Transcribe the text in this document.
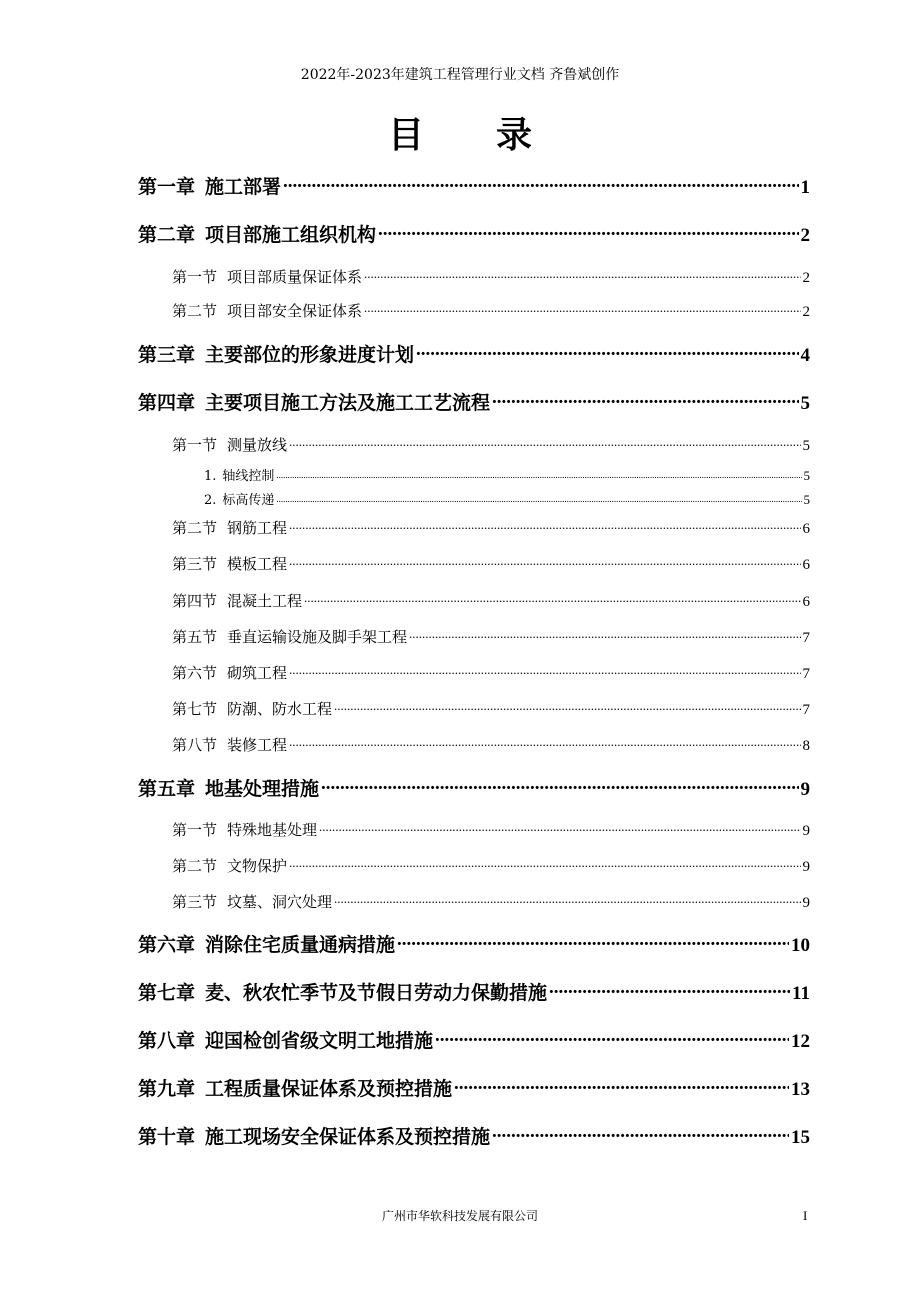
2022年-2023年建筑工程管理行业文档 齐鲁斌创作
目 录
第一章 施工部署 .....	1
第二章 项目部施工组织机构 .....	2
第一节 项目部质量保证体系 .....	2
第二节 项目部安全保证体系 .....	2
第三章 主要部位的形象进度计划 .....	4
第四章 主要项目施工方法及施工工艺流程 .....	5
第一节 测量放线 .....	5
1. 轴线控制 .....	5
2. 标高传递 .....	5
第二节 钢筋工程 .....	6
第三节 模板工程 .....	6
第四节 混凝土工程 .....	6
第五节 垂直运输设施及脚手架工程 .....	7
第六节 砌筑工程 .....	7
第七节 防潮、防水工程 .....	7
第八节 装修工程 .....	8
第五章 地基处理措施 .....	9
第一节 特殊地基处理 .....	9
第二节 文物保护 .....	9
第三节 坟墓、洞穴处理 .....	9
第六章 消除住宅质量通病措施 .....	10
第七章 麦、秋农忙季节及节假日劳动力保勤措施 .....	11
第八章 迎国检创省级文明工地措施 .....	12
第九章 工程质量保证体系及预控措施 .....	13
第十章 施工现场安全保证体系及预控措施 .....	15
广州市华软科技发展有限公司	I
